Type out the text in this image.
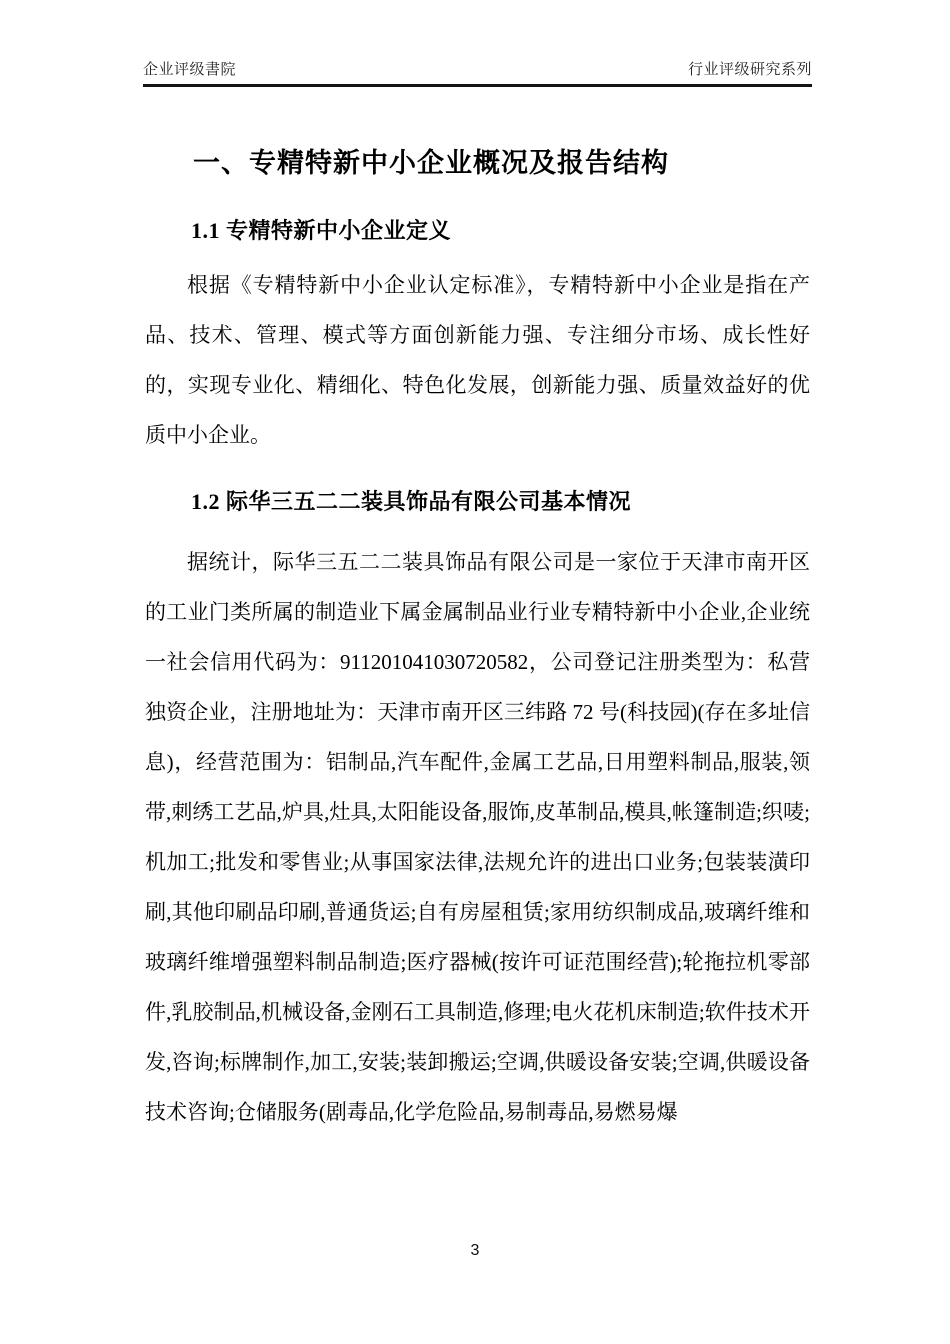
企业评级書院	行业评级研究系列
一、专精特新中小企业概况及报告结构
1.1 专精特新中小企业定义

根据《专精特新中小企业认定标准》，专精特新中小企业是指在产品、技术、管理、模式等方面创新能力强、专注细分市场、成长性好的，实现专业化、精细化、特色化发展，创新能力强、质量效益好的优质中小企业。

1.2 际华三五二二装具饰品有限公司基本情况

据统计，际华三五二二装具饰品有限公司是一家位于天津市南开区的工业门类所属的制造业下属金属制品业行业专精特新中小企业,企业统一社会信用代码为：911201041030720582，公司登记注册类型为：私营独资企业，注册地址为：天津市南开区三纬路 72 号(科技园)(存在多址信息)，经营范围为：铝制品,汽车配件,金属工艺品,日用塑料制品,服装,领带,刺绣工艺品,炉具,灶具,太阳能设备,服饰,皮革制品,模具,帐篷制造;织唛;机加工;批发和零售业;从事国家法律,法规允许的进出口业务;包装装潢印刷,其他印刷品印刷,普通货运;自有房屋租赁;家用纺织制成品,玻璃纤维和玻璃纤维增强塑料制品制造;医疗器械(按许可证范围经营);轮拖拉机零部件,乳胶制品,机械设备,金刚石工具制造,修理;电火花机床制造;软件技术开发,咨询;标牌制作,加工,安装;装卸搬运;空调,供暖设备安装;空调,供暖设备技术咨询;仓储服务(剧毒品,化学危险品,易制毒品,易燃易爆

3
